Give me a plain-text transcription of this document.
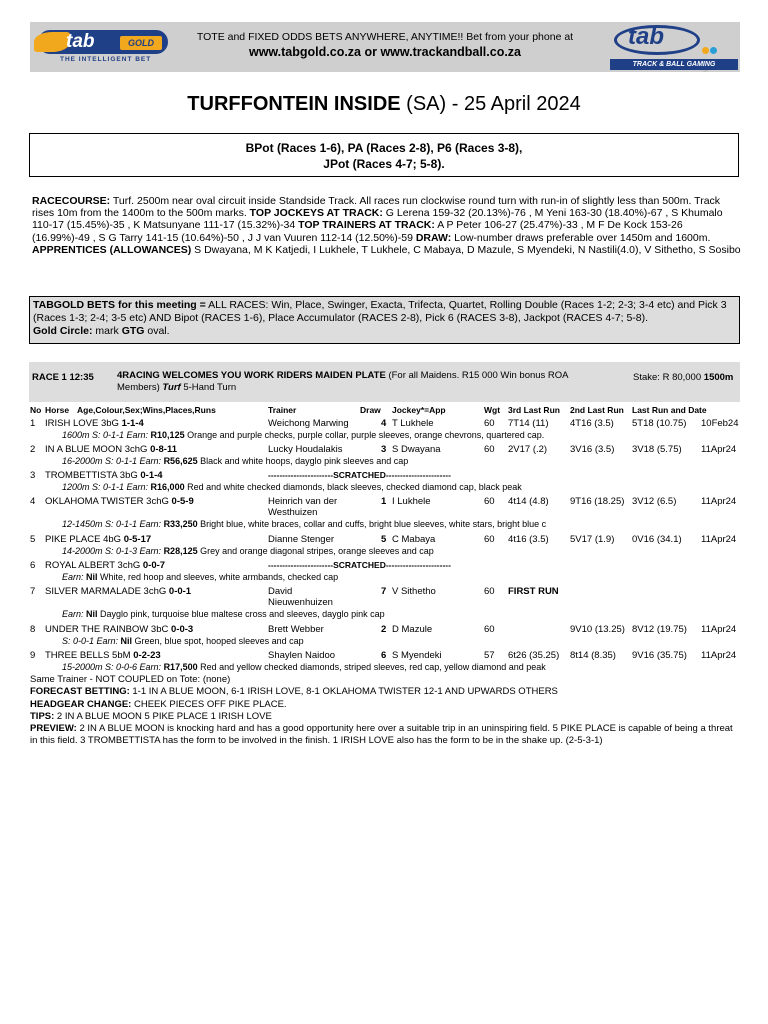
tab	GOLD
THE INTELLIGENT BET
TOTE and FIXED ODDS BETS ANYWHERE, ANYTIME!! Bet from your phone at
www.tabgold.co.za or www.trackandball.co.za
tab
TRACK & BALL GAMING
TURFFONTEIN INSIDE (SA) - 25 April 2024
BPot (Races 1-6), PA (Races 2-8), P6 (Races 3-8),
JPot (Races 4-7; 5-8).
RACECOURSE: Turf. 2500m near oval circuit inside Standside Track. All races run clockwise round turn with run-in of slightly less than 500m. Track rises 10m from the 1400m to the 500m marks. TOP JOCKEYS AT TRACK: G Lerena 159-32 (20.13%)-76 , M Yeni 163-30 (18.40%)-67 , S Khumalo 110-17 (15.45%)-35 , K Matsunyane 111-17 (15.32%)-34 TOP TRAINERS AT TRACK: A P Peter 106-27 (25.47%)-33 , M F De Kock 153-26 (16.99%)-49 , S G Tarry 141-15 (10.64%)-50 , J J van Vuuren 112-14 (12.50%)-59 DRAW: Low-number draws preferable over 1450m and 1600m. APPRENTICES (ALLOWANCES) S Dwayana, M K Katjedi, I Lukhele, T Lukhele, C Mabaya, D Mazule, S Myendeki, N Nastili(4.0), V Sithetho, S Sosibo
TABGOLD BETS for this meeting = ALL RACES: Win, Place, Swinger, Exacta, Trifecta, Quartet, Rolling Double (Races 1-2; 2-3; 3-4 etc) and Pick 3 (Races 1-3; 2-4; 3-5 etc) AND Bipot (RACES 1-6), Place Accumulator (RACES 2-8), Pick 6 (RACES 3-8), Jackpot (RACES 4-7; 5-8).
Gold Circle: mark GTG oval.
RACE 1 12:35 4RACING WELCOMES YOU WORK RIDERS MAIDEN PLATE (For all Maidens. R15 000 Win bonus ROA Members) Turf 5-Hand Turn
Stake: R 80,000 1500m
No Horse Age,Colour,Sex;Wins,Places,Runs	Trainer	Draw Jockey*=App	Wgt 3rd Last Run 2nd Last Run Last Run and Date
1 IRISH LOVE 3bG 1-1-4	Weichong Marwing	4 T Lukhele	60 7T14 (11) 4T16 (3.5) 5T18 (10.75) 10Feb24
1600m S: 0-1-1 Earn: R10,125 Orange and purple checks, purple collar, purple sleeves, orange chevrons, quartered cap.
2 IN A BLUE MOON 3chG 0-8-11	Lucky Houdalakis	3 S Dwayana	60 2V17 (.2) 3V16 (3.5) 3V18 (5.75) 11Apr24
16-2000m S: 0-1-1 Earn: R56,625 Black and white hoops, dayglo pink sleeves and cap
3 TROMBETTISTA 3bG 0-1-4	-----------------------SCRATCHED-----------------------
1200m S: 0-1-1 Earn: R16,000 Red and white checked diamonds, black sleeves, checked diamond cap, black peak
4 OKLAHOMA TWISTER 3chG 0-5-9	Heinrich van der
Westhuizen
1 I Lukhele	60 4t14 (4.8) 9T16 (18.25) 3V12 (6.5)	11Apr24
12-1450m S: 0-1-1 Earn: R33,250 Bright blue, white braces, collar and cuffs, bright blue sleeves, white stars, bright blue c
5 PIKE PLACE 4bG 0-5-17	Dianne Stenger	5 C Mabaya	60 4t16 (3.5) 5V17 (1.9) 0V16 (34.1) 11Apr24
14-2000m S: 0-1-3 Earn: R28,125 Grey and orange diagonal stripes, orange sleeves and cap
6 ROYAL ALBERT 3chG 0-0-7	-----------------------SCRATCHED-----------------------
Earn: Nil White, red hoop and sleeves, white armbands, checked cap
7 SILVER MARMALADE 3chG 0-0-1	David
Nieuwenhuizen
7 V Sithetho	60 FIRST RUN
Earn: Nil Dayglo pink, turquoise blue maltese cross and sleeves, dayglo pink cap
8 UNDER THE RAINBOW 3bC 0-0-3	Brett Webber	2 D Mazule	60	9V10 (13.25) 8V12 (19.75) 11Apr24
S: 0-0-1 Earn: Nil Green, blue spot, hooped sleeves and cap
9 THREE BELLS 5bM 0-2-23	Shaylen Naidoo	6 S Myendeki	57 6t26 (35.25) 8t14 (8.35) 9V16 (35.75) 11Apr24
15-2000m S: 0-0-6 Earn: R17,500 Red and yellow checked diamonds, striped sleeves, red cap, yellow diamond and peak
Same Trainer - NOT COUPLED on Tote: (none)
FORECAST BETTING: 1-1 IN A BLUE MOON, 6-1 IRISH LOVE, 8-1 OKLAHOMA TWISTER 12-1 AND UPWARDS OTHERS
HEADGEAR CHANGE: CHEEK PIECES OFF PIKE PLACE.
TIPS: 2 IN A BLUE MOON 5 PIKE PLACE 1 IRISH LOVE
PREVIEW: 2 IN A BLUE MOON is knocking hard and has a good opportunity here over a suitable trip in an uninspiring field. 5 PIKE PLACE is capable of being a threat in this field. 3 TROMBETTISTA has the form to be involved in the finish. 1 IRISH LOVE also has the form to be in the shake up. (2-5-3-1)
